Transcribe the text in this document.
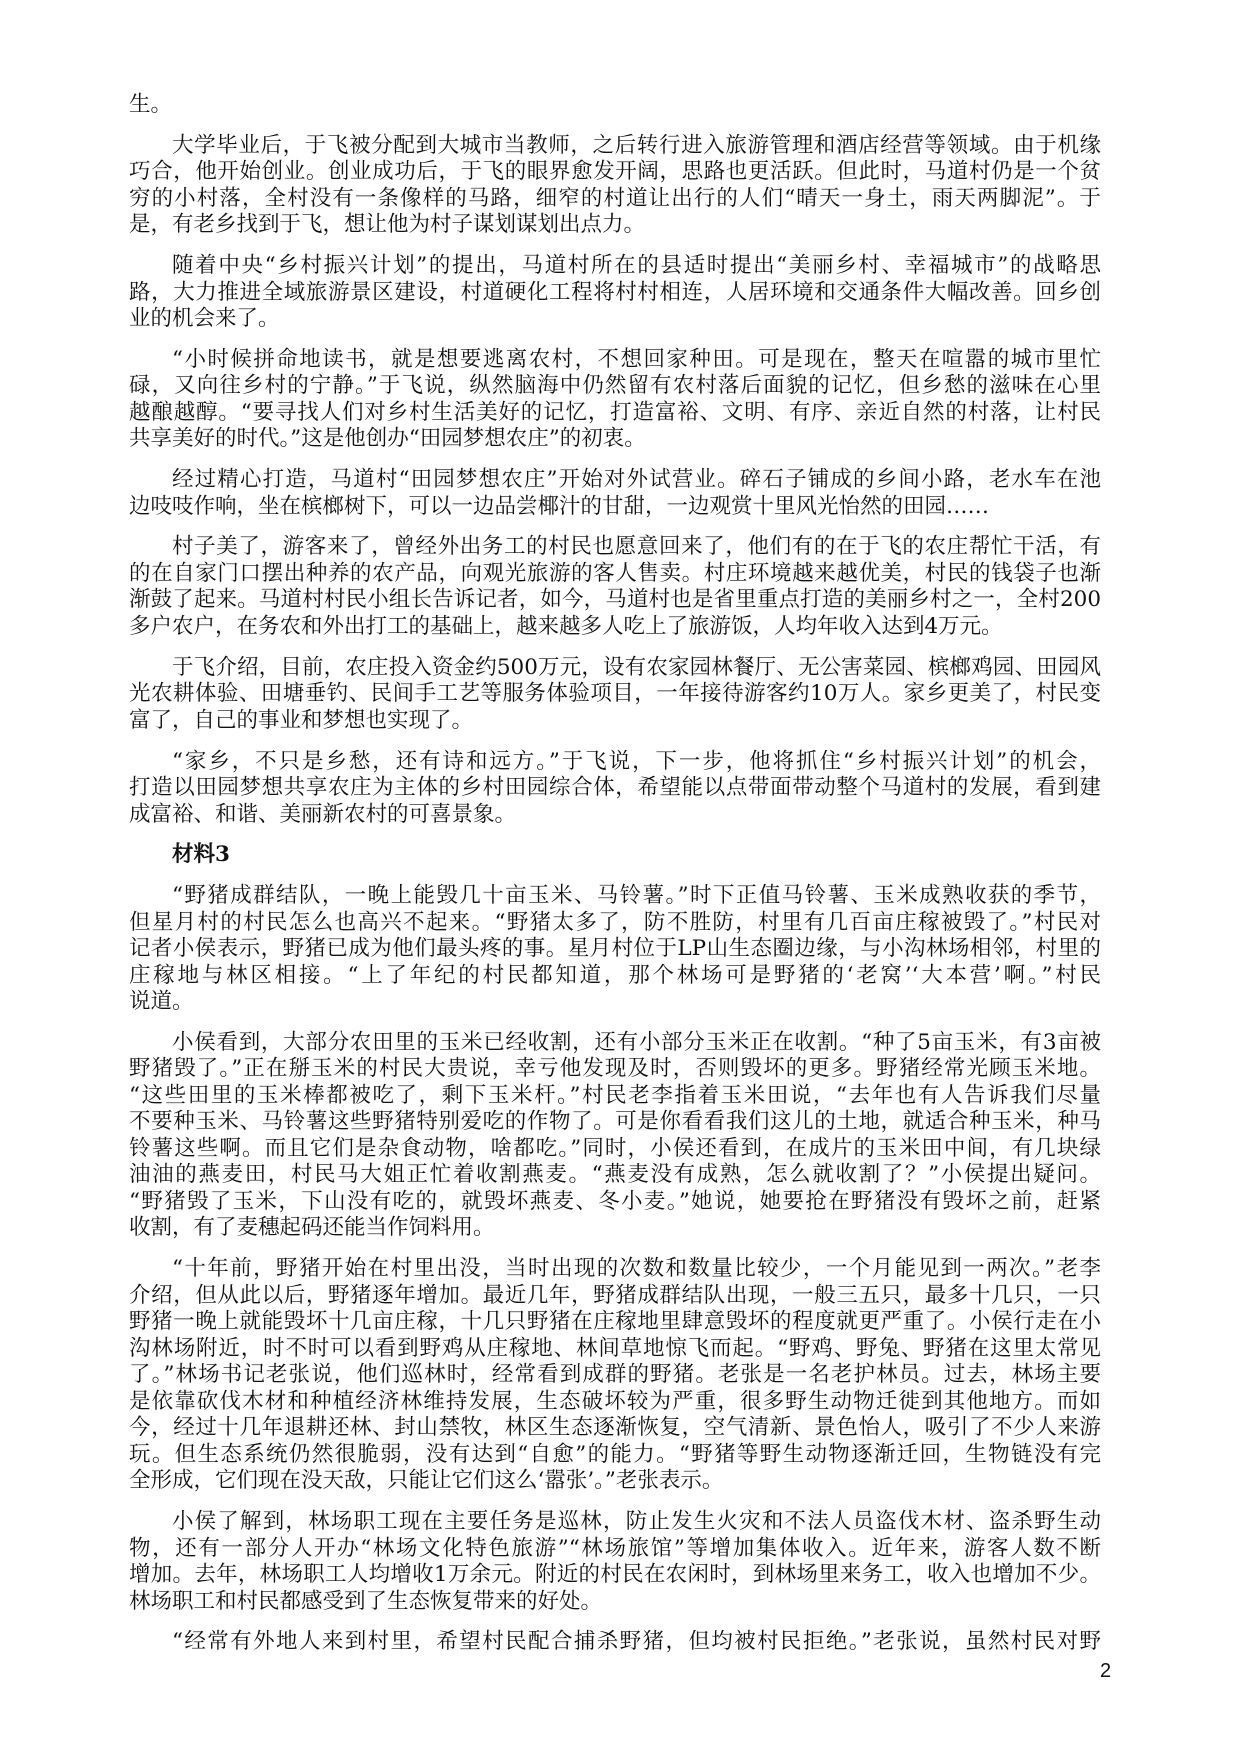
生。
大学毕业后，于飞被分配到大城市当教师，之后转行进入旅游管理和酒店经营等领域。由于机缘
巧合，他开始创业。创业成功后，于飞的眼界愈发开阔，思路也更活跃。但此时，马道村仍是一个贫
穷的小村落，全村没有一条像样的马路，细窄的村道让出行的人们“晴天一身土，雨天两脚泥”。于
是，有老乡找到于飞，想让他为村子谋划谋划出点力。
随着中央“乡村振兴计划”的提出，马道村所在的县适时提出“美丽乡村、幸福城市”的战略思
路，大力推进全域旅游景区建设，村道硬化工程将村村相连，人居环境和交通条件大幅改善。回乡创
业的机会来了。
“小时候拼命地读书，就是想要逃离农村，不想回家种田。可是现在，整天在喧嚣的城市里忙
碌，又向往乡村的宁静。”于飞说，纵然脑海中仍然留有农村落后面貌的记忆，但乡愁的滋味在心里
越酿越醇。“要寻找人们对乡村生活美好的记忆，打造富裕、文明、有序、亲近自然的村落，让村民
共享美好的时代。”这是他创办“田园梦想农庄”的初衷。
经过精心打造，马道村“田园梦想农庄”开始对外试营业。碎石子铺成的乡间小路，老水车在池
边吱吱作响，坐在槟榔树下，可以一边品尝椰汁的甘甜，一边观赏十里风光怡然的田园……
村子美了，游客来了，曾经外出务工的村民也愿意回来了，他们有的在于飞的农庄帮忙干活，有
的在自家门口摆出种养的农产品，向观光旅游的客人售卖。村庄环境越来越优美，村民的钱袋子也渐
渐鼓了起来。马道村村民小组长告诉记者，如今，马道村也是省里重点打造的美丽乡村之一，全村200
多户农户，在务农和外出打工的基础上，越来越多人吃上了旅游饭，人均年收入达到4万元。
于飞介绍，目前，农庄投入资金约500万元，设有农家园林餐厅、无公害菜园、槟榔鸡园、田园风
光农耕体验、田塘垂钓、民间手工艺等服务体验项目，一年接待游客约10万人。家乡更美了，村民变
富了，自己的事业和梦想也实现了。
“家乡，不只是乡愁，还有诗和远方。”于飞说，下一步，他将抓住“乡村振兴计划”的机会，
打造以田园梦想共享农庄为主体的乡村田园综合体，希望能以点带面带动整个马道村的发展，看到建
成富裕、和谐、美丽新农村的可喜景象。
材料3
“野猪成群结队，一晚上能毁几十亩玉米、马铃薯。”时下正值马铃薯、玉米成熟收获的季节，
但星月村的村民怎么也高兴不起来。“野猪太多了，防不胜防，村里有几百亩庄稼被毁了。”村民对
记者小侯表示，野猪已成为他们最头疼的事。星月村位于LP山生态圈边缘，与小沟林场相邻，村里的
庄稼地与林区相接。“上了年纪的村民都知道，那个林场可是野猪的‘老窝’‘大本营’啊。”村民
说道。
小侯看到，大部分农田里的玉米已经收割，还有小部分玉米正在收割。“种了5亩玉米，有3亩被
野猪毁了。”正在掰玉米的村民大贵说，幸亏他发现及时，否则毁坏的更多。野猪经常光顾玉米地。
“这些田里的玉米棒都被吃了，剩下玉米杆。”村民老李指着玉米田说，“去年也有人告诉我们尽量
不要种玉米、马铃薯这些野猪特别爱吃的作物了。可是你看看我们这儿的土地，就适合种玉米，种马
铃薯这些啊。而且它们是杂食动物，啥都吃。”同时，小侯还看到，在成片的玉米田中间，有几块绿
油油的燕麦田，村民马大姐正忙着收割燕麦。“燕麦没有成熟，怎么就收割了？”小侯提出疑问。
“野猪毁了玉米，下山没有吃的，就毁坏燕麦、冬小麦。”她说，她要抢在野猪没有毁坏之前，赶紧
收割，有了麦穗起码还能当作饲料用。
“十年前，野猪开始在村里出没，当时出现的次数和数量比较少，一个月能见到一两次。”老李
介绍，但从此以后，野猪逐年增加。最近几年，野猪成群结队出现，一般三五只，最多十几只，一只
野猪一晚上就能毁坏十几亩庄稼，十几只野猪在庄稼地里肆意毁坏的程度就更严重了。小侯行走在小
沟林场附近，时不时可以看到野鸡从庄稼地、林间草地惊飞而起。“野鸡、野兔、野猪在这里太常见
了。”林场书记老张说，他们巡林时，经常看到成群的野猪。老张是一名老护林员。过去，林场主要
是依靠砍伐木材和种植经济林维持发展，生态破坏较为严重，很多野生动物迁徙到其他地方。而如
今，经过十几年退耕还林、封山禁牧，林区生态逐渐恢复，空气清新、景色怡人，吸引了不少人来游
玩。但生态系统仍然很脆弱，没有达到“自愈”的能力。“野猪等野生动物逐渐迁回，生物链没有完
全形成，它们现在没天敌，只能让它们这么‘嚣张’。”老张表示。
小侯了解到，林场职工现在主要任务是巡林，防止发生火灾和不法人员盗伐木材、盗杀野生动
物，还有一部分人开办“林场文化特色旅游”“林场旅馆”等增加集体收入。近年来，游客人数不断
增加。去年，林场职工人均增收1万余元。附近的村民在农闲时，到林场里来务工，收入也增加不少。
林场职工和村民都感受到了生态恢复带来的好处。
“经常有外地人来到村里，希望村民配合捕杀野猪，但均被村民拒绝。”老张说，虽然村民对野
2
